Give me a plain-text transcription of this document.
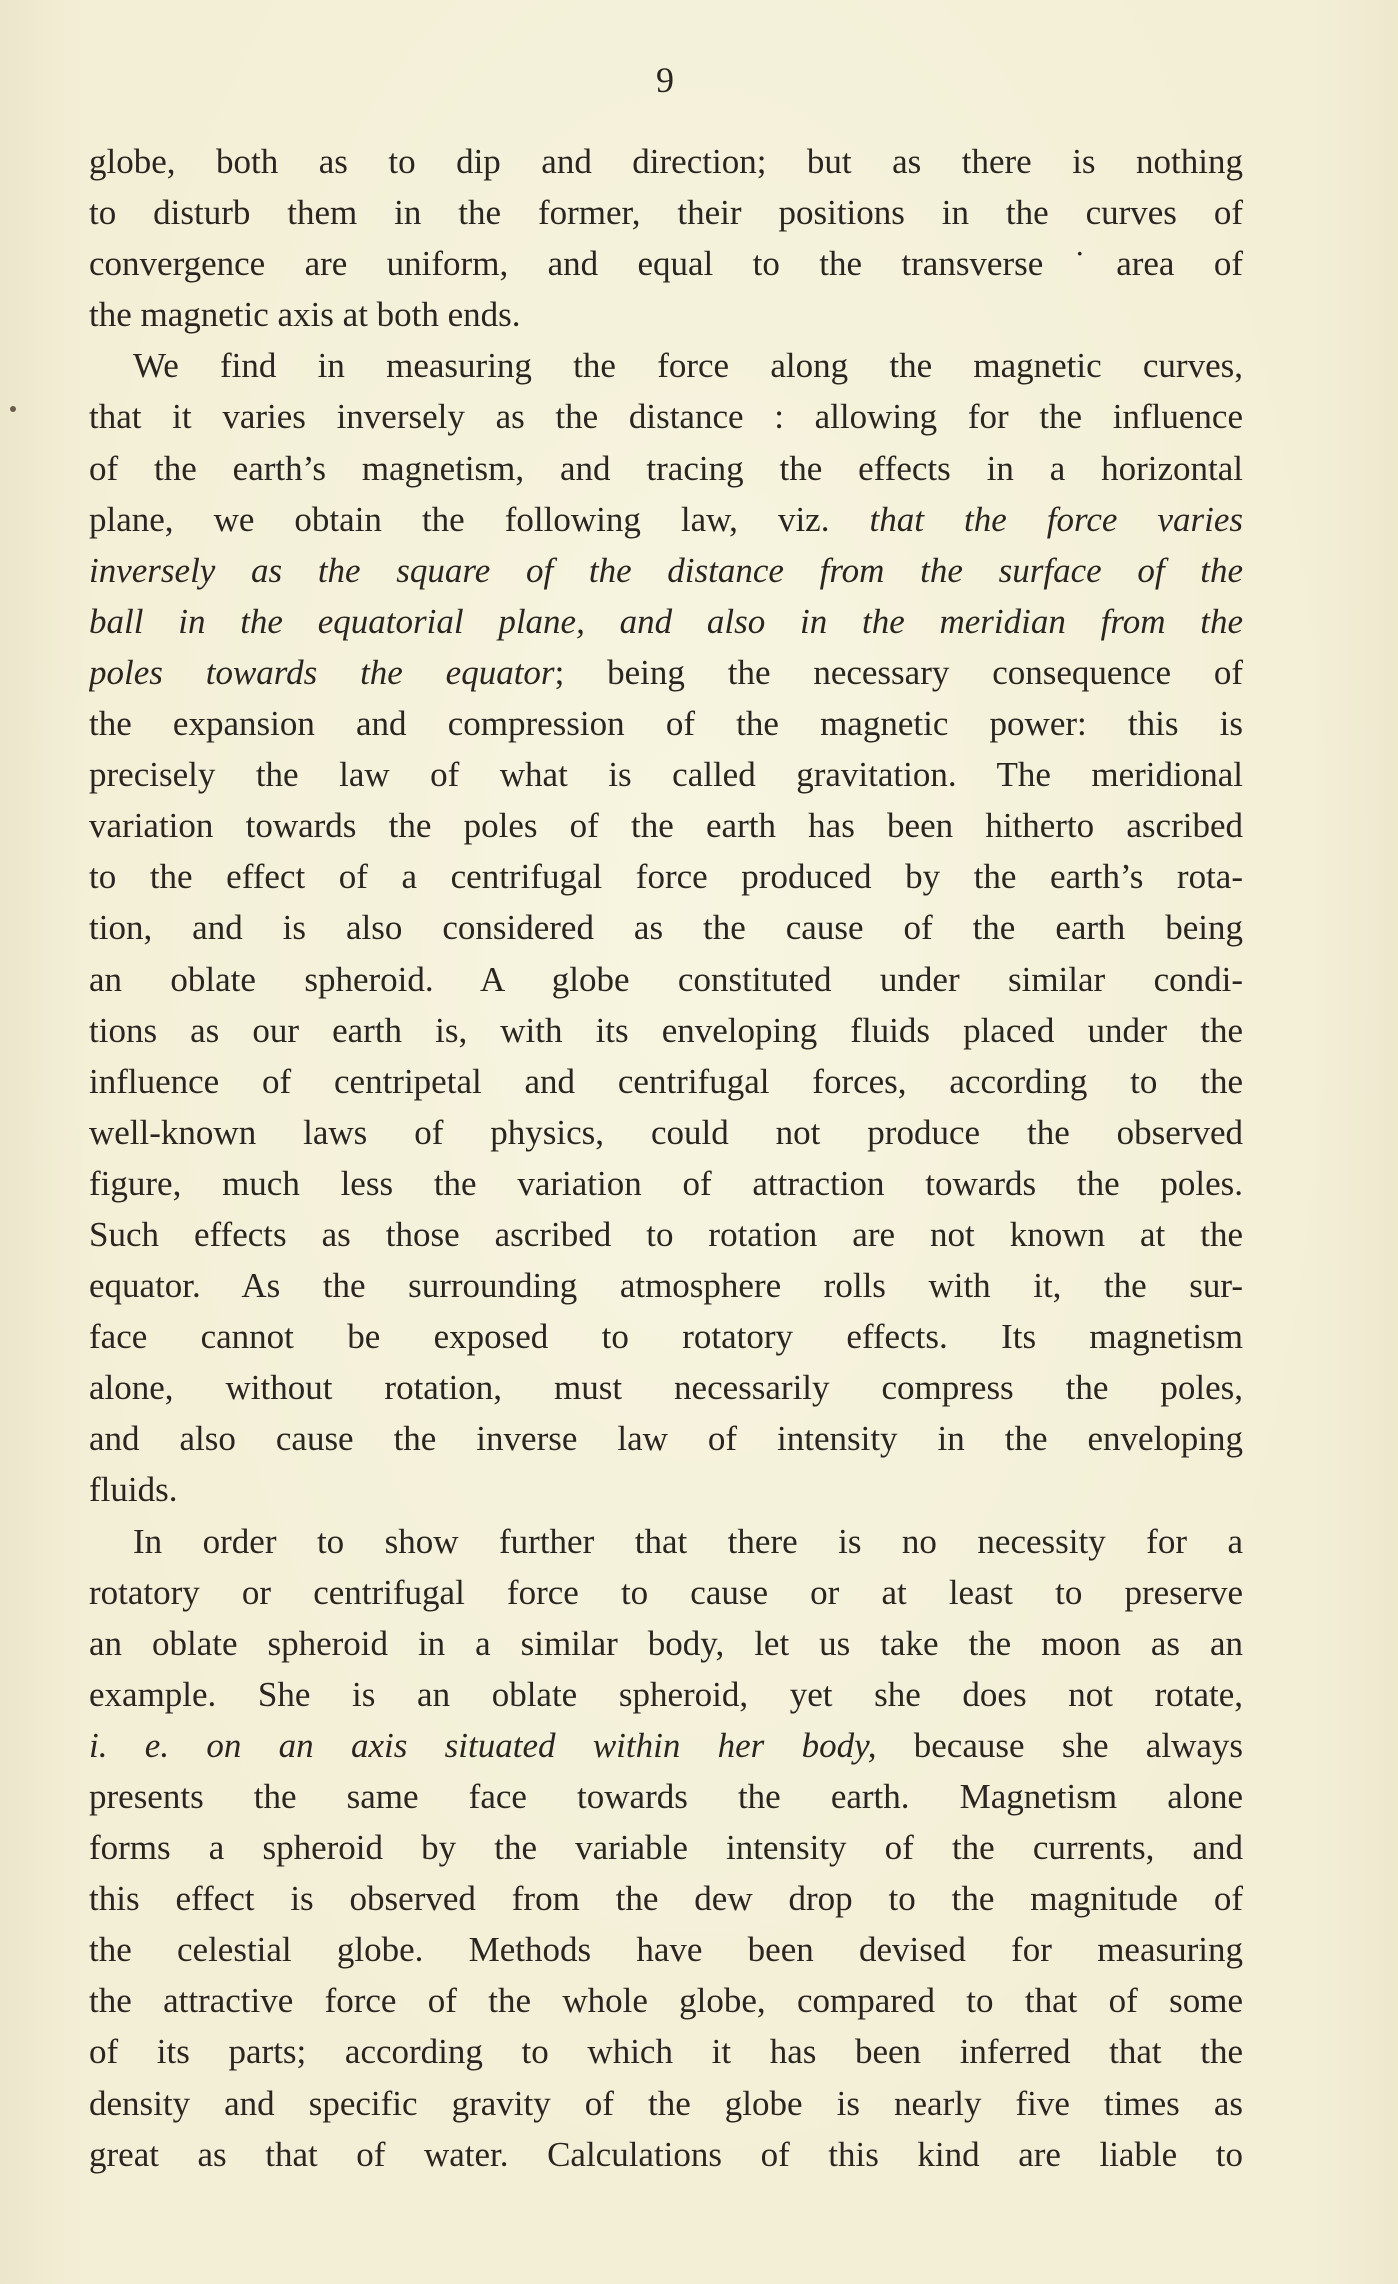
9
globe, both as to dip and direction; but as there is nothing
to disturb them in the former, their positions in the curves of
convergence are uniform, and equal to the transverse˙area of
the magnetic axis at both ends.
We find in measuring the force along the magnetic curves,
that it varies inversely as the distance : allowing for the influence
of the earth’s magnetism, and tracing the effects in a horizontal
plane, we obtain the following law, viz. that the force varies
inversely as the square of the distance from the surface of the
ball in the equatorial plane, and also in the meridian from the
poles towards the equator; being the necessary consequence of
the expansion and compression of the magnetic power: this is
precisely the law of what is called gravitation. The meridional
variation towards the poles of the earth has been hitherto ascribed
to the effect of a centrifugal force produced by the earth’s rota-
tion, and is also considered as the cause of the earth being
an oblate spheroid. A globe constituted under similar condi-
tions as our earth is, with its enveloping fluids placed under the
influence of centripetal and centrifugal forces, according to the
well-known laws of physics, could not produce the observed
figure, much less the variation of attraction towards the poles.
Such effects as those ascribed to rotation are not known at the
equator. As the surrounding atmosphere rolls with it, the sur-
face cannot be exposed to rotatory effects. Its magnetism
alone, without rotation, must necessarily compress the poles,
and also cause the inverse law of intensity in the enveloping
fluids.
In order to show further that there is no necessity for a
rotatory or centrifugal force to cause or at least to preserve
an oblate spheroid in a similar body, let us take the moon as an
example. She is an oblate spheroid, yet she does not rotate,
i. e. on an axis situated within her body, because she always
presents the same face towards the earth. Magnetism alone
forms a spheroid by the variable intensity of the currents, and
this effect is observed from the dew drop to the magnitude of
the celestial globe. Methods have been devised for measuring
the attractive force of the whole globe, compared to that of some
of its parts; according to which it has been inferred that the
density and specific gravity of the globe is nearly five times as
great as that of water. Calculations of this kind are liable to
